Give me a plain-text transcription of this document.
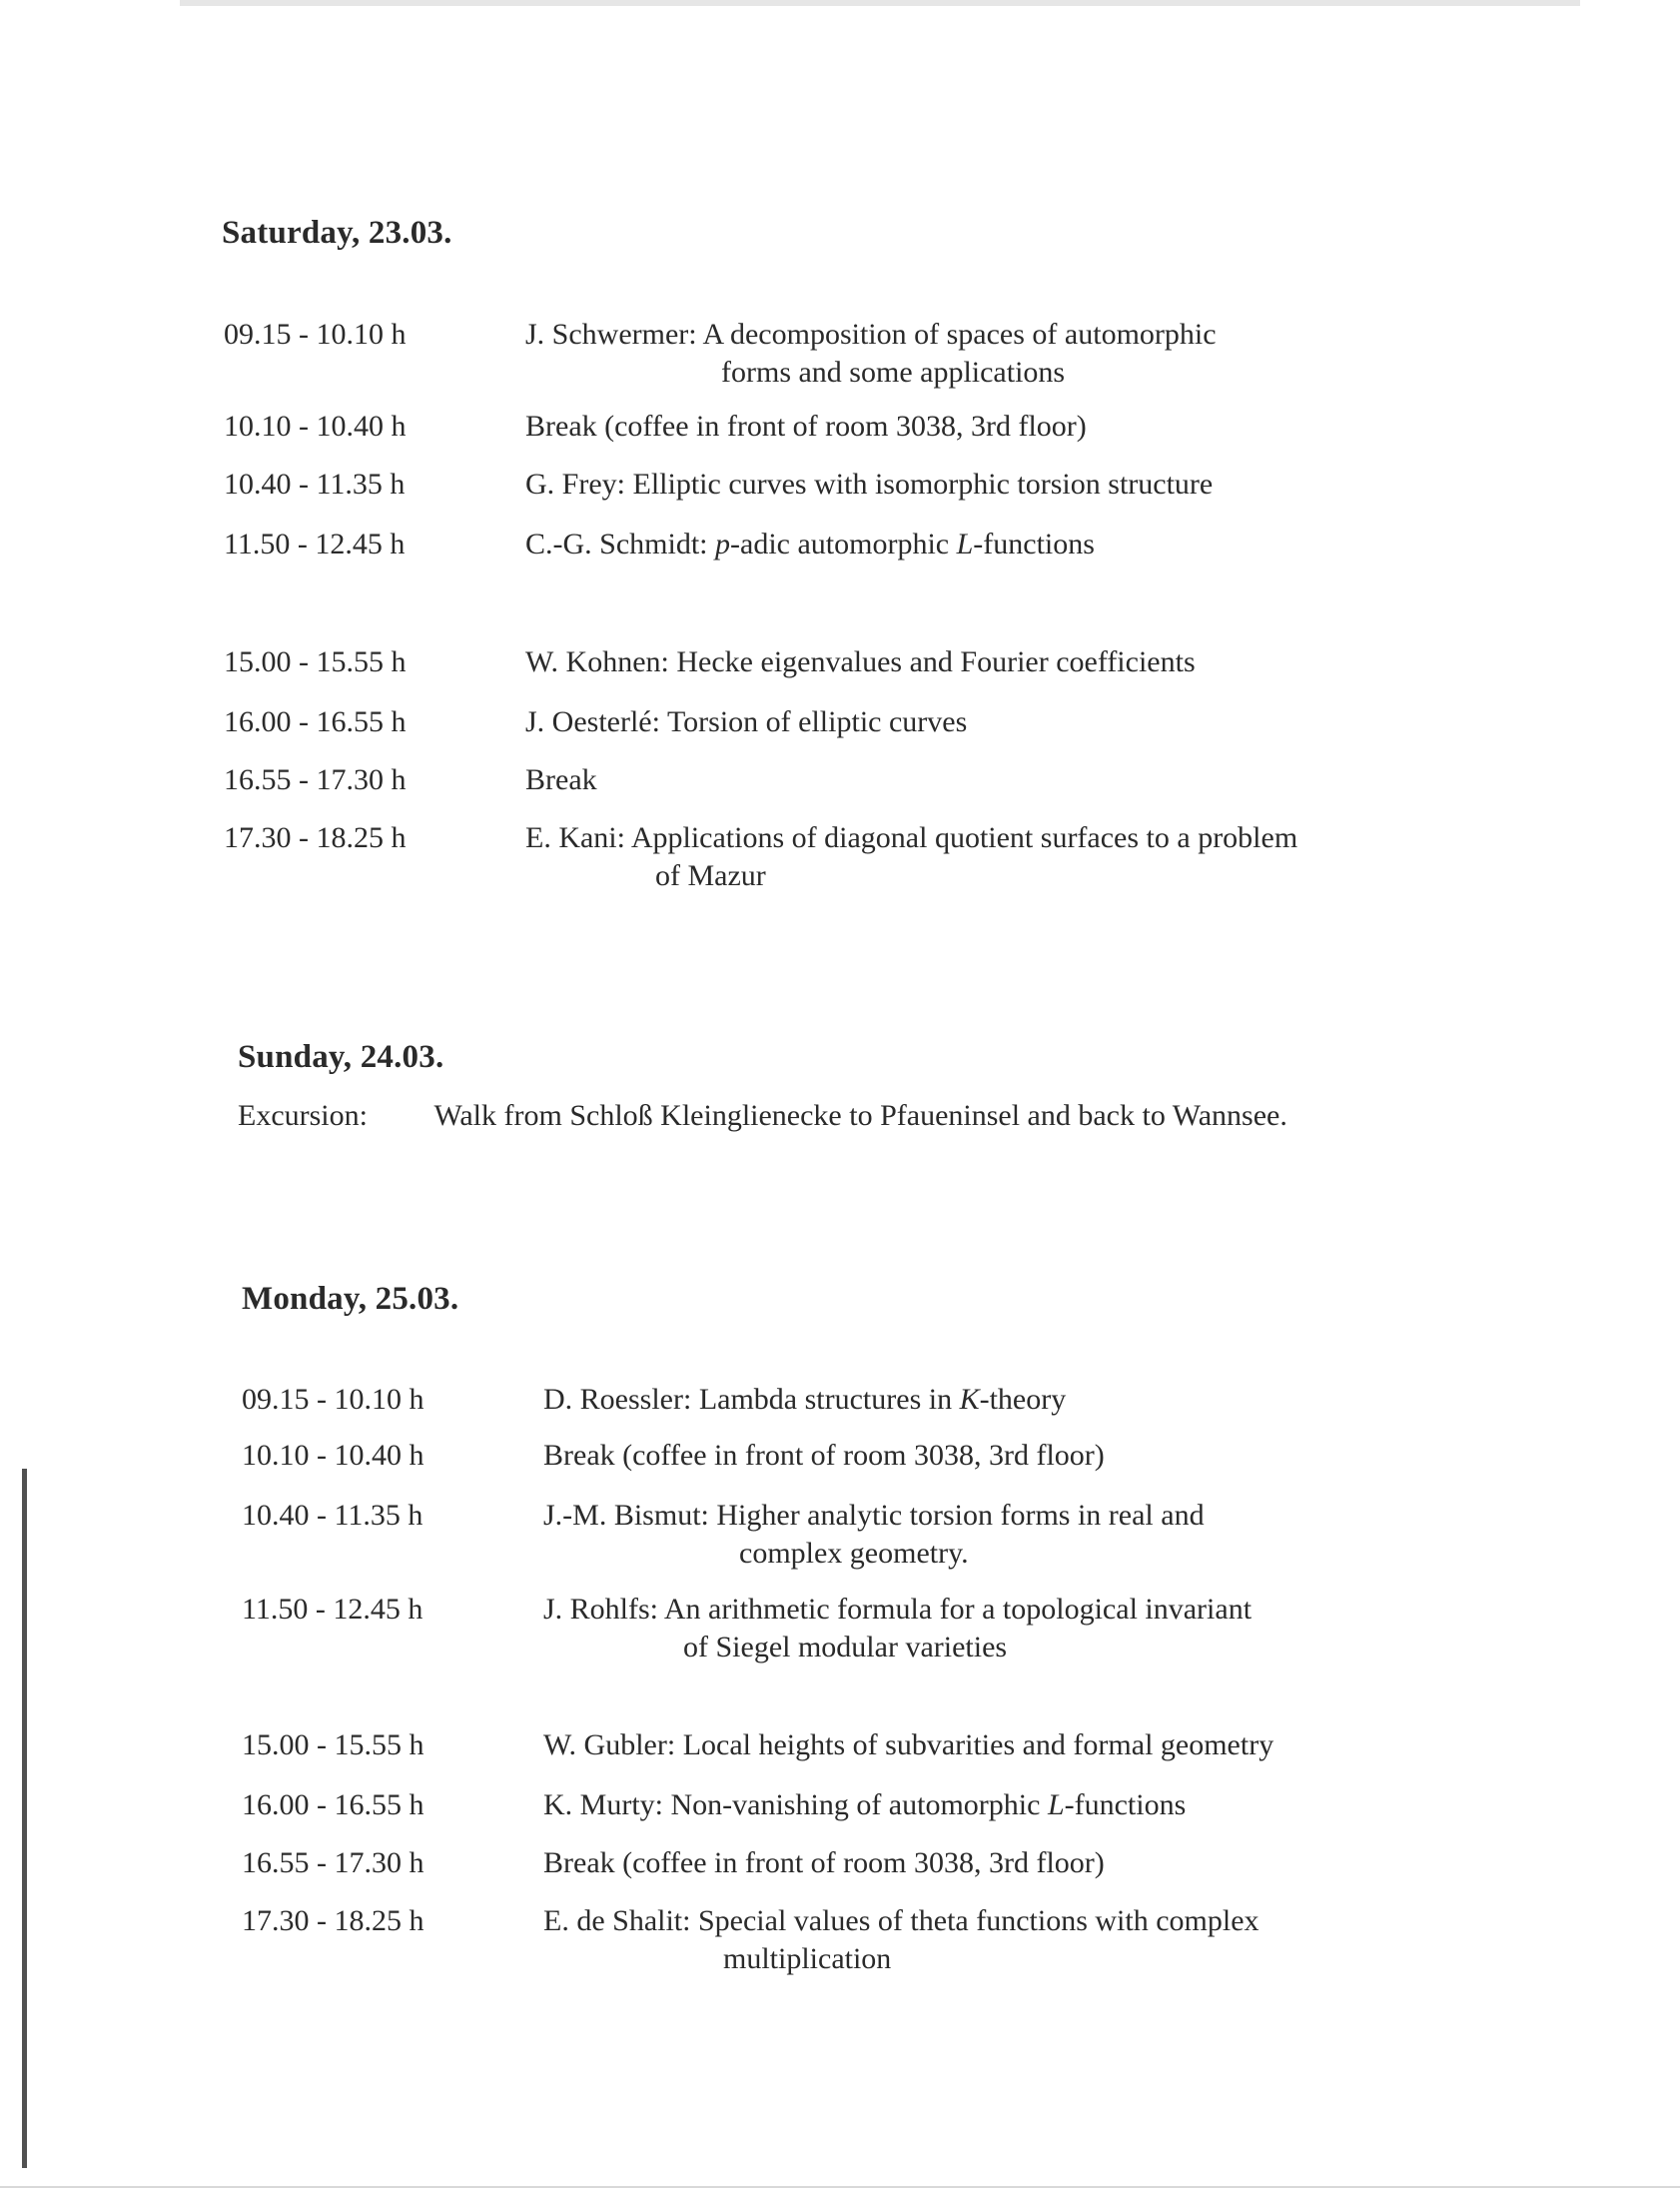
Saturday, 23.03.
09.15 - 10.10 h	J. Schwermer: A decomposition of spaces of automorphic
forms and some applications
10.10 - 10.40 h	Break (coffee in front of room 3038, 3rd floor)
10.40 - 11.35 h	G. Frey: Elliptic curves with isomorphic torsion structure
11.50 - 12.45 h	C.-G. Schmidt: p-adic automorphic L-functions
15.00 - 15.55 h	W. Kohnen: Hecke eigenvalues and Fourier coefficients
16.00 - 16.55 h	J. Oesterlé: Torsion of elliptic curves
16.55 - 17.30 h	Break
17.30 - 18.25 h	E. Kani: Applications of diagonal quotient surfaces to a problem
of Mazur
Sunday, 24.03.
Excursion: Walk from Schloß Kleinglienecke to Pfaueninsel and back to Wannsee.
Monday, 25.03.
09.15 - 10.10 h	D. Roessler: Lambda structures in K-theory
10.10 - 10.40 h	Break (coffee in front of room 3038, 3rd floor)
10.40 - 11.35 h	J.-M. Bismut: Higher analytic torsion forms in real and
complex geometry.
11.50 - 12.45 h	J. Rohlfs: An arithmetic formula for a topological invariant
of Siegel modular varieties
15.00 - 15.55 h	W. Gubler: Local heights of subvarities and formal geometry
16.00 - 16.55 h	K. Murty: Non-vanishing of automorphic L-functions
16.55 - 17.30 h	Break (coffee in front of room 3038, 3rd floor)
17.30 - 18.25 h	E. de Shalit: Special values of theta functions with complex
multiplication
